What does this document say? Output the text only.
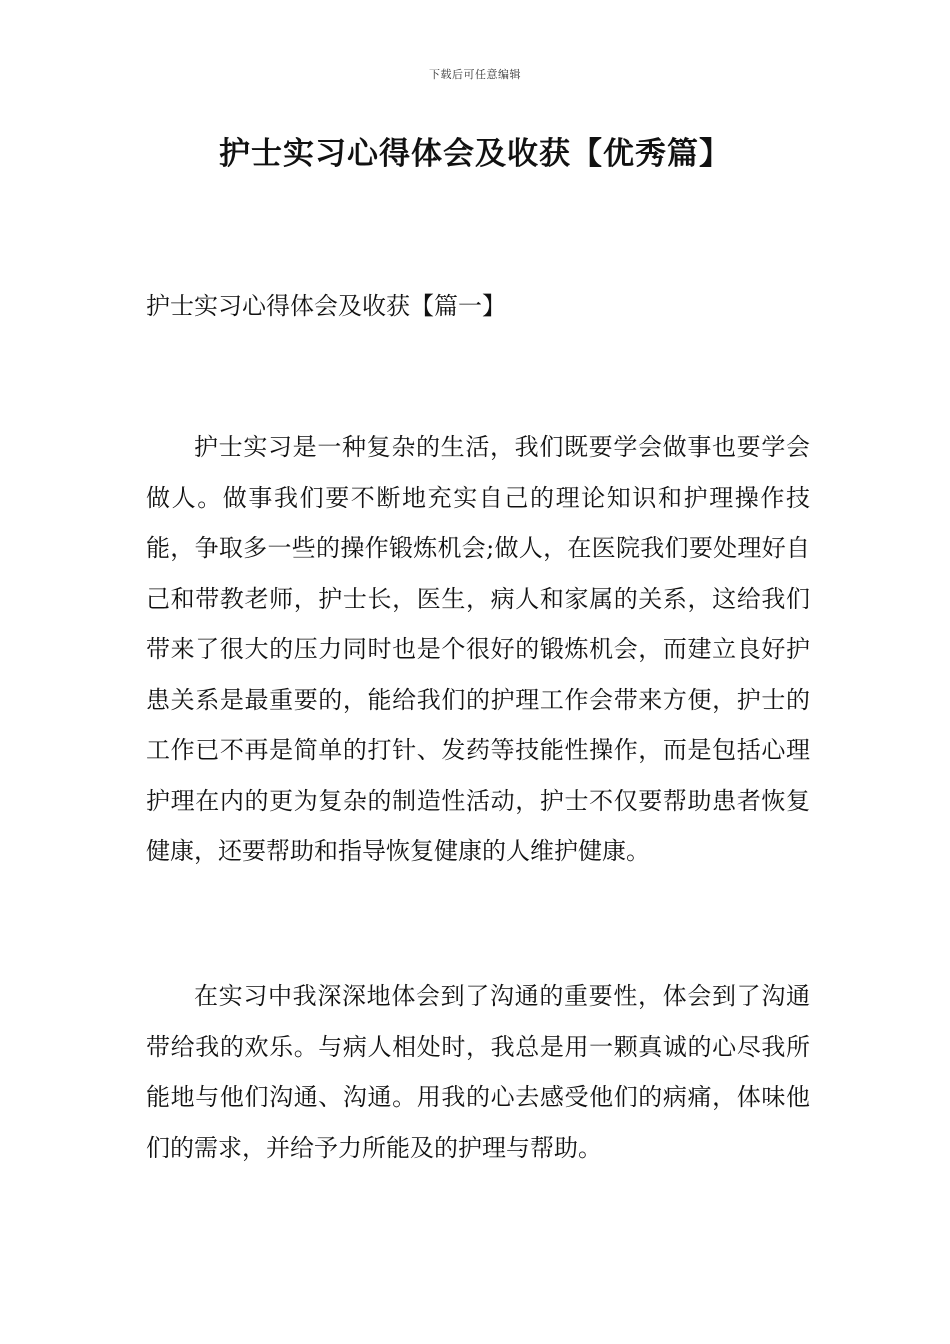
下载后可任意编辑
护士实习心得体会及收获【优秀篇】
护士实习心得体会及收获【篇一】

护士实习是一种复杂的生活，我们既要学会做事也要学会做人。做事我们要不断地充实自己的理论知识和护理操作技能，争取多一些的操作锻炼机会;做人，在医院我们要处理好自己和带教老师，护士长，医生，病人和家属的关系，这给我们带来了很大的压力同时也是个很好的锻炼机会，而建立良好护患关系是最重要的，能给我们的护理工作会带来方便，护士的工作已不再是简单的打针、发药等技能性操作，而是包括心理护理在内的更为复杂的制造性活动，护士不仅要帮助患者恢复健康，还要帮助和指导恢复健康的人维护健康。

在实习中我深深地体会到了沟通的重要性，体会到了沟通带给我的欢乐。与病人相处时，我总是用一颗真诚的心尽我所能地与他们沟通、沟通。用我的心去感受他们的病痛，体味他们的需求，并给予力所能及的护理与帮助。
